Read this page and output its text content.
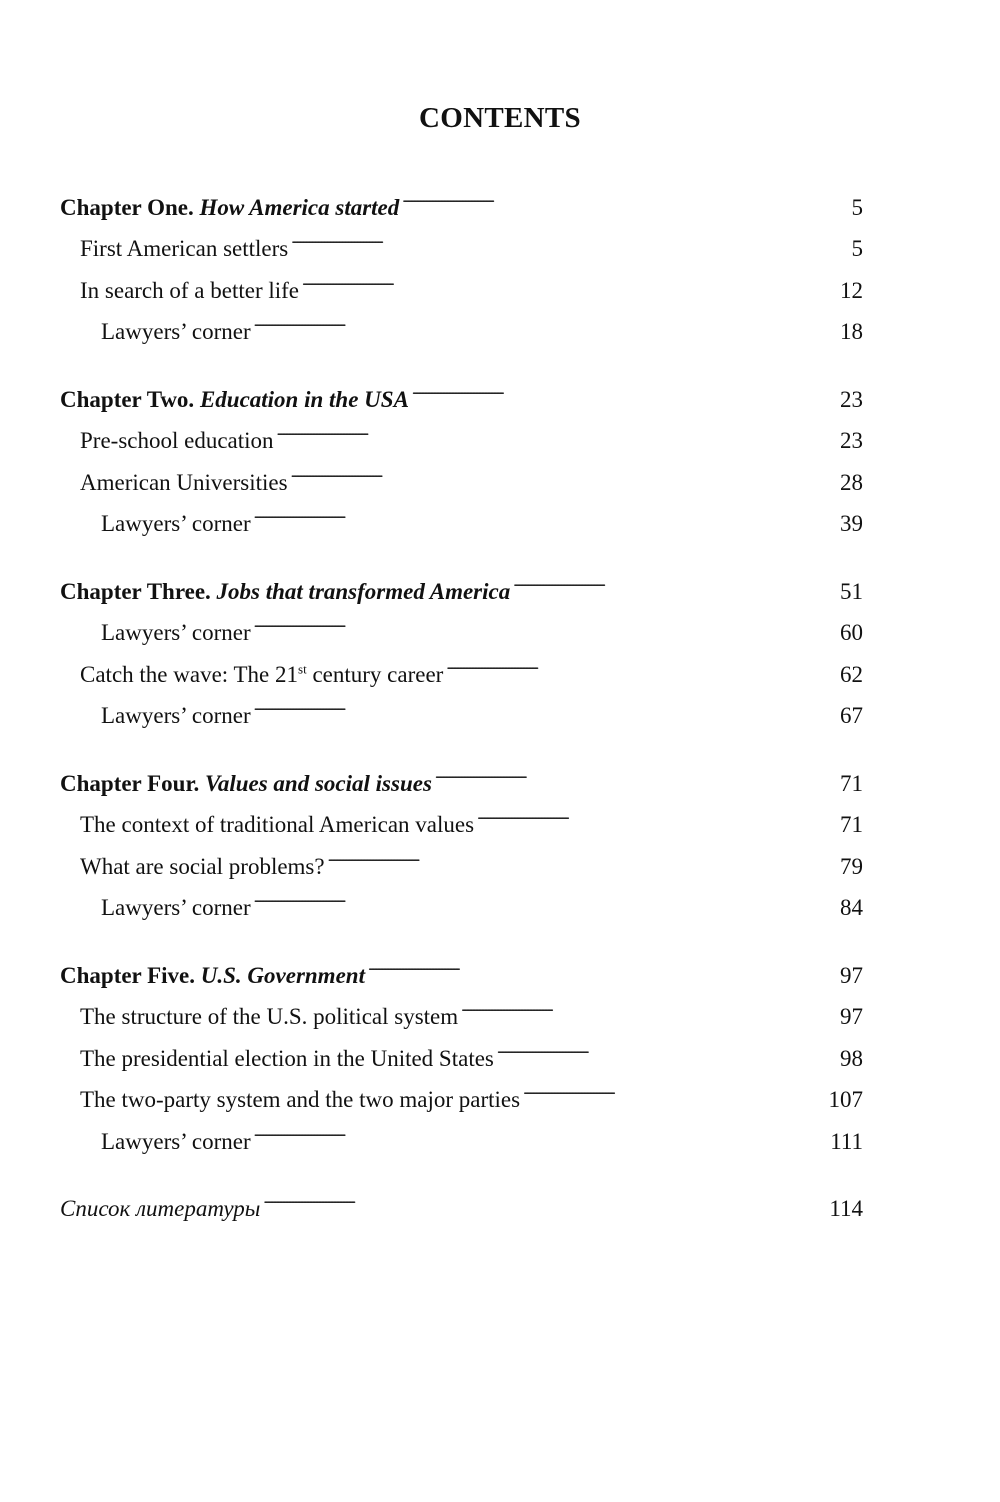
CONTENTS
Chapter One. How America started . . .	5
First American settlers . . .	5
In search of a better life . . .	12
Lawyers’ corner . . .	18
Chapter Two. Education in the USA . . .	23
Pre-school education . . .	23
American Universities . . .	28
Lawyers’ corner . . .	39
Chapter Three. Jobs that transformed America . . .	51
Lawyers’ corner . . .	60
Catch the wave: The 21st century career . . .	62
Lawyers’ corner . . .	67
Chapter Four. Values and social issues . . .	71
The context of traditional American values . . .	71
What are social problems? . . .	79
Lawyers’ corner . . .	84
Chapter Five. U.S. Government . . .	97
The structure of the U.S. political system . . .	97
The presidential election in the United States . . .	98
The two-party system and the two major parties . . .	107
Lawyers’ corner . . .	111
Список литературы . . .	114
